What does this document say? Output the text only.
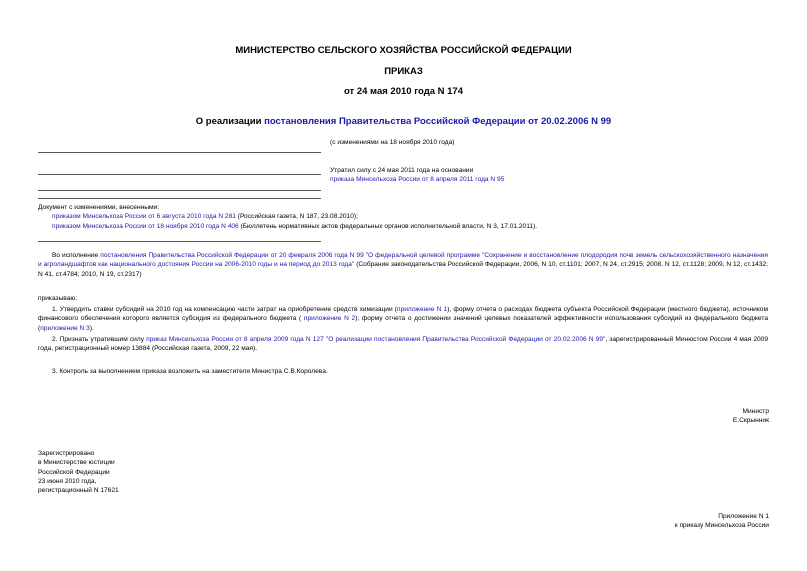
МИНИСТЕРСТВО СЕЛЬСКОГО ХОЗЯЙСТВА РОССИЙСКОЙ ФЕДЕРАЦИИ
ПРИКАЗ
от 24 мая 2010 года N 174
О реализации постановления Правительства Российской Федерации от 20.02.2006 N 99
(с изменениями на 18 ноября 2010 года)

Утратил силу с 24 мая 2011 года на основании

приказа Минсельхоза России от 8 апреля 2011 года N 95

Документ с изменениями, внесенными:

приказом Минсельхоза России от 6 августа 2010 года N 281 (Российская газета, N 187, 23.08.2010);

приказом Минсельхоза России от 18 ноября 2010 года N 406 (Бюллетень нормативных актов федеральных органов исполнительной власти, N 3, 17.01.2011).

Во исполнение постановления Правительства Российской Федерации от 20 февраля 2006 года N 99 "О федеральной целевой программе "Сохранение и восстановление плодородия почв земель сельскохозяйственного назначения и агроландшафтов как национального достояния России на 2006-2010 годы и на период до 2013 года" (Собрание законодательства Российской Федерации, 2006, N 10, ст.1101; 2007, N 24, ст.2915; 2008, N 12, ст.1128; 2009, N 12, ст.1432; N 41, ст.4784; 2010, N 19, ст.2317)
приказываю:
1. Утвердить ставки субсидий на 2010 год на компенсацию части затрат на приобретение средств химизации (приложение N 1), форму отчета о расходах бюджета субъекта Российской Федерации (местного бюджета), источником финансового обеспечения которого является субсидия из федерального бюджета ( приложение N 2), форму отчета о достижении значений целевых показателей эффективности использования субсидий из федерального бюджета (приложение N 3).
2. Признать утратившим силу приказ Минсельхоза России от 8 апреля 2009 года N 127 "О реализации постановления Правительства Российской Федерации от 20.02.2006 N 99", зарегистрированный Минюстом России 4 мая 2009 года, регистрационный номер 13884 (Российская газета, 2009, 22 мая).
3. Контроль за выполнением приказа возложить на заместителя Министра С.В.Королева.

Министр

Е.Скрынник

Зарегистрировано

в Министерстве юстиции

Российской Федерации

23 июня 2010 года,

регистрационный N 17621

Приложение N 1

к приказу Минсельхоза России
